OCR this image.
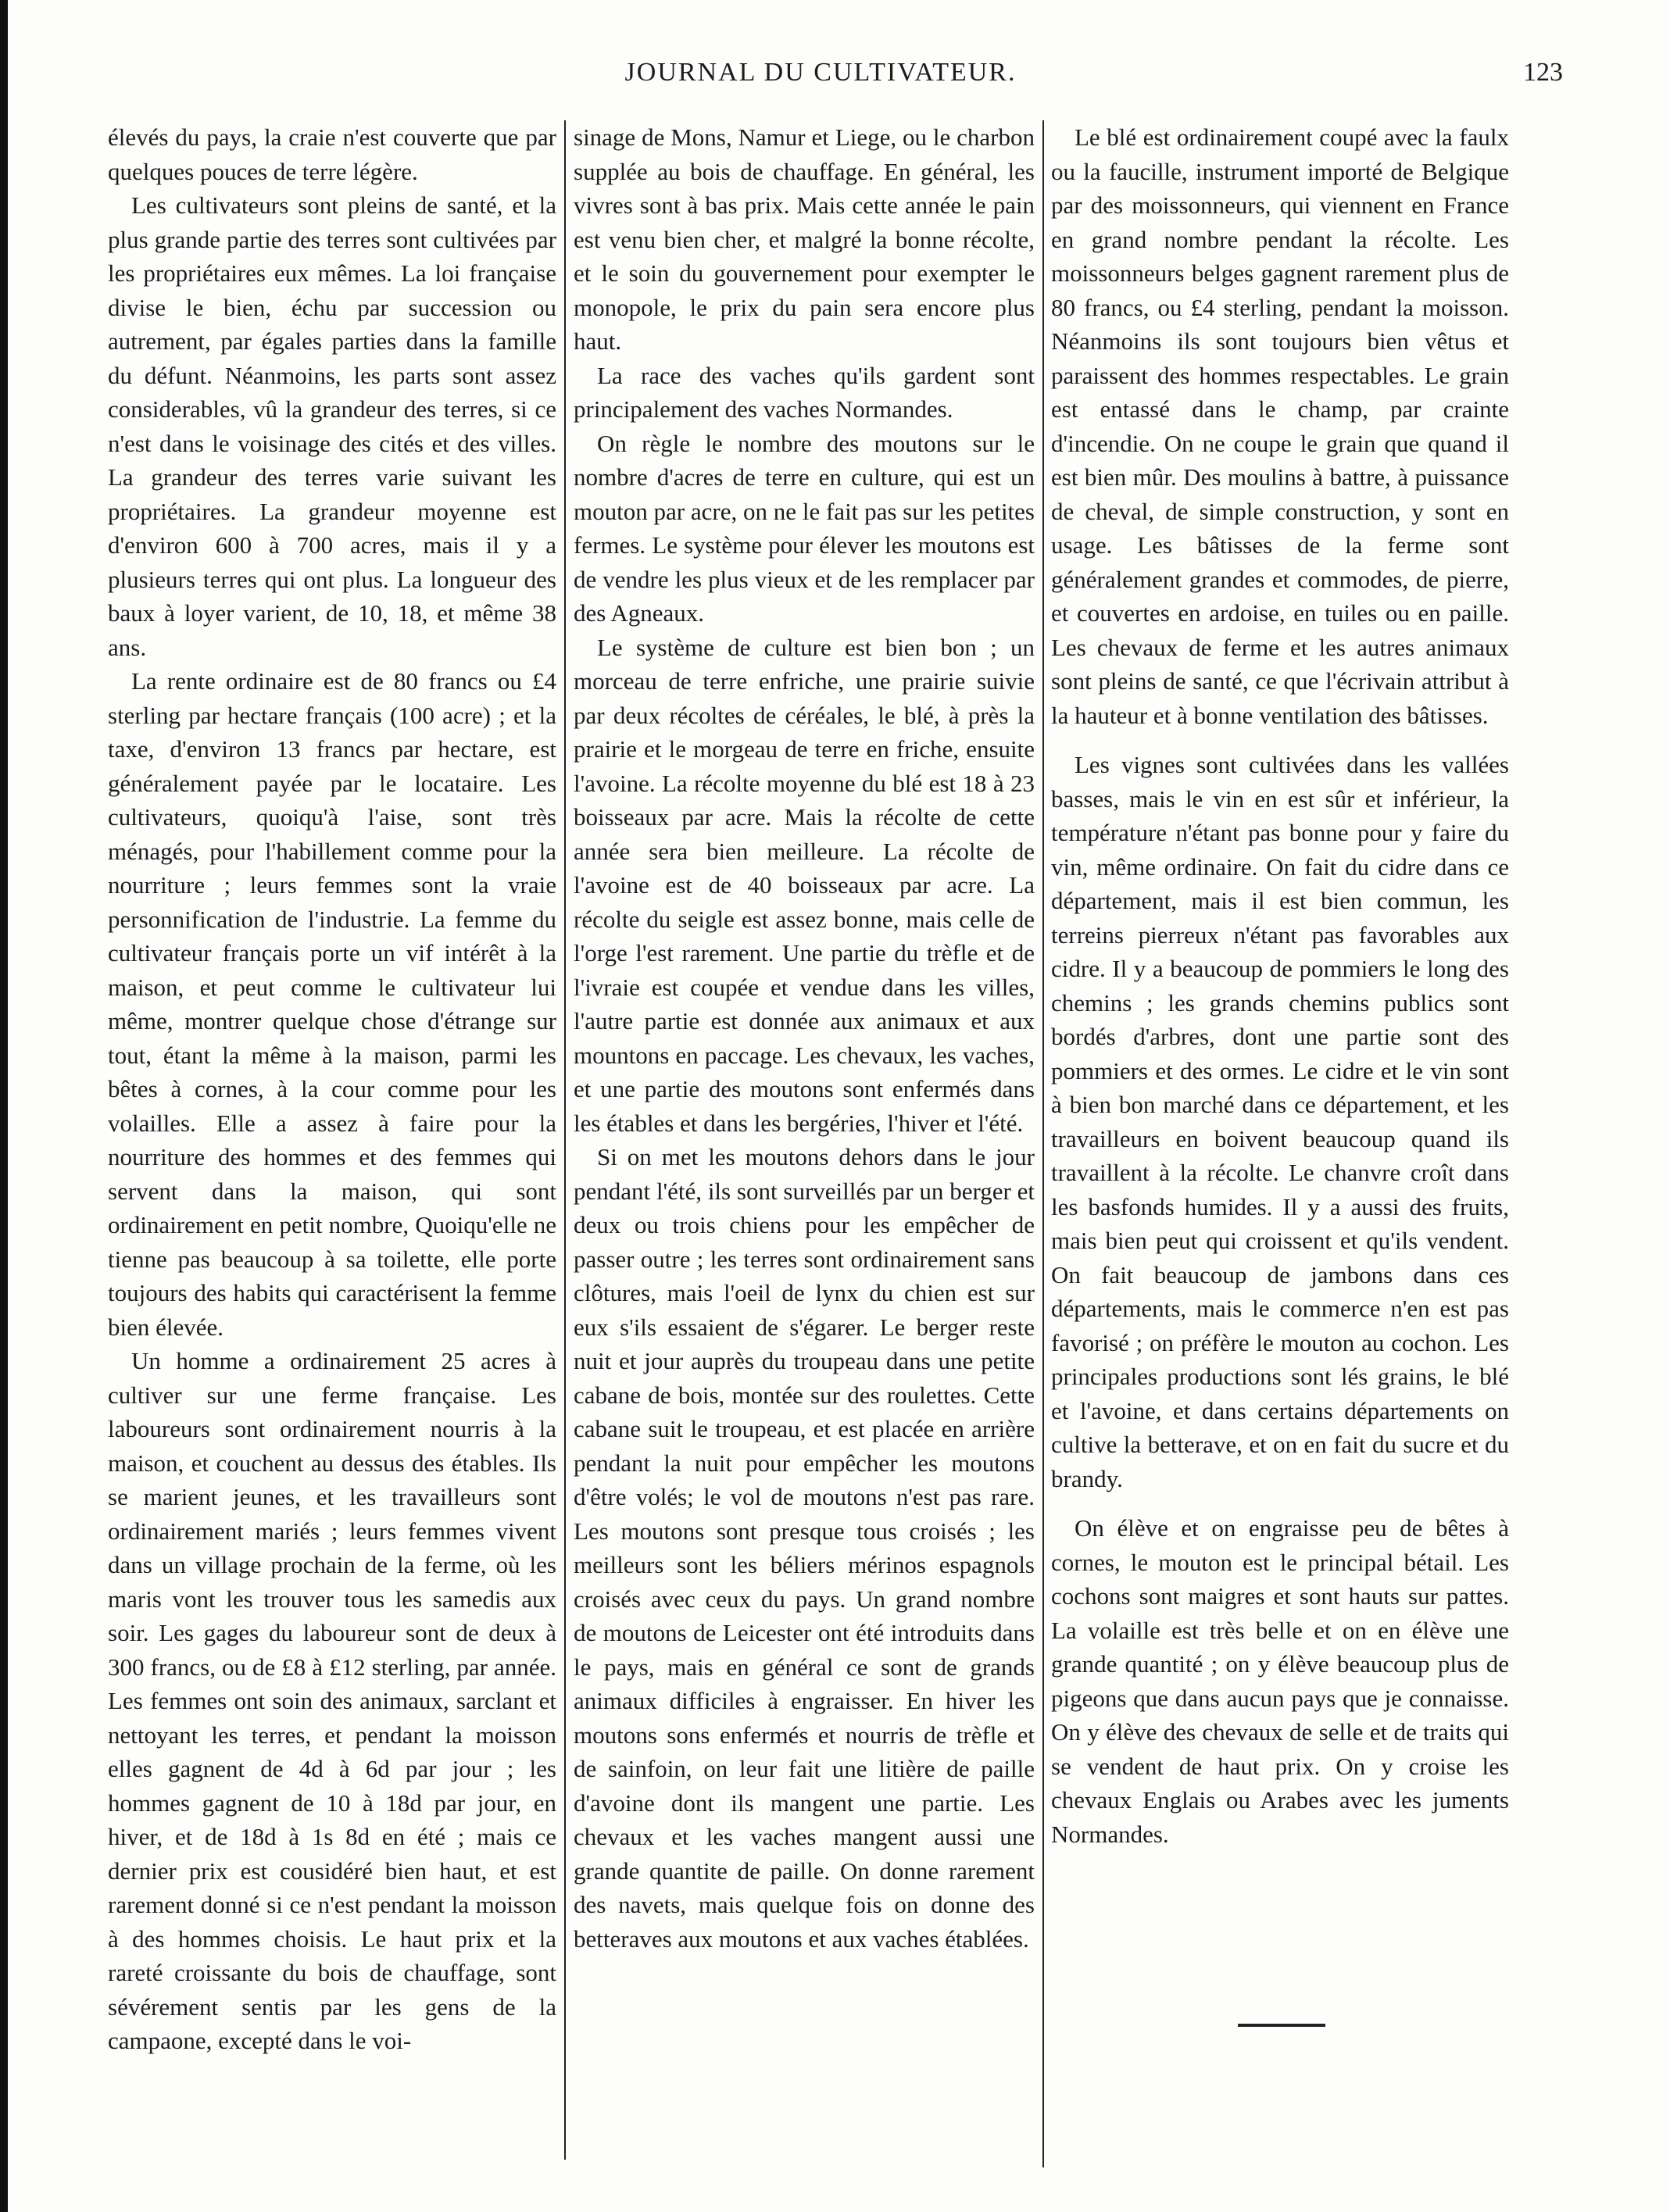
JOURNAL DU CULTIVATEUR.	123

élevés du pays, la craie n'est couverte que par quelques pouces de terre légère.

Les cultivateurs sont pleins de santé, et la plus grande partie des terres sont cultivées par les propriétaires eux mêmes. La loi française divise le bien, échu par succession ou autrement, par égales parties dans la famille du défunt. Néanmoins, les parts sont assez considerables, vû la grandeur des terres, si ce n'est dans le voisinage des cités et des villes. La grandeur des terres varie suivant les propriétaires. La grandeur moyenne est d'environ 600 à 700 acres, mais il y a plusieurs terres qui ont plus. La longueur des baux à loyer varient, de 10, 18, et même 38 ans.

La rente ordinaire est de 80 francs ou £4 sterling par hectare français (100 acre) ; et la taxe, d'environ 13 francs par hectare, est généralement payée par le locataire. Les cultivateurs, quoiqu'à l'aise, sont très ménagés, pour l'habillement comme pour la nourriture ; leurs femmes sont la vraie personnification de l'industrie. La femme du cultivateur français porte un vif intérêt à la maison, et peut comme le cultivateur lui même, montrer quelque chose d'étrange sur tout, étant la même à la maison, parmi les bêtes à cornes, à la cour comme pour les volailles. Elle a assez à faire pour la nourriture des hommes et des femmes qui servent dans la maison, qui sont ordinairement en petit nombre, Quoiqu'elle ne tienne pas beaucoup à sa toilette, elle porte toujours des habits qui caractérisent la femme bien élevée.

Un homme a ordinairement 25 acres à cultiver sur une ferme française. Les laboureurs sont ordinairement nourris à la maison, et couchent au dessus des étables. Ils se marient jeunes, et les travailleurs sont ordinairement mariés ; leurs femmes vivent dans un village prochain de la ferme, où les maris vont les trouver tous les samedis aux soir. Les gages du laboureur sont de deux à 300 francs, ou de £8 à £12 sterling, par année. Les femmes ont soin des animaux, sarclant et nettoyant les terres, et pendant la moisson elles gagnent de 4d à 6d par jour ; les hommes gagnent de 10 à 18d par jour, en hiver, et de 18d à 1s 8d en été ; mais ce dernier prix est cousidéré bien haut, et est rarement donné si ce n'est pendant la moisson à des hommes choisis. Le haut prix et la rareté croissante du bois de chauffage, sont sévérement sentis par les gens de la campaone, excepté dans le voi-

sinage de Mons, Namur et Liege, ou le charbon supplée au bois de chauffage. En général, les vivres sont à bas prix. Mais cette année le pain est venu bien cher, et malgré la bonne récolte, et le soin du gouvernement pour exempter le monopole, le prix du pain sera encore plus haut.

La race des vaches qu'ils gardent sont principalement des vaches Normandes.

On règle le nombre des moutons sur le nombre d'acres de terre en culture, qui est un mouton par acre, on ne le fait pas sur les petites fermes. Le système pour élever les moutons est de vendre les plus vieux et de les remplacer par des Agneaux.

Le système de culture est bien bon ; un morceau de terre enfriche, une prairie suivie par deux récoltes de céréales, le blé, à près la prairie et le morgeau de terre en friche, ensuite l'avoine. La récolte moyenne du blé est 18 à 23 boisseaux par acre. Mais la récolte de cette année sera bien meilleure. La récolte de l'avoine est de 40 boisseaux par acre. La récolte du seigle est assez bonne, mais celle de l'orge l'est rarement. Une partie du trèfle et de l'ivraie est coupée et vendue dans les villes, l'autre partie est donnée aux animaux et aux mountons en paccage. Les chevaux, les vaches, et une partie des moutons sont enfermés dans les étables et dans les bergéries, l'hiver et l'été.

Si on met les moutons dehors dans le jour pendant l'été, ils sont surveillés par un berger et deux ou trois chiens pour les empêcher de passer outre ; les terres sont ordinairement sans clôtures, mais l'oeil de lynx du chien est sur eux s'ils essaient de s'égarer. Le berger reste nuit et jour auprès du troupeau dans une petite cabane de bois, montée sur des roulettes. Cette cabane suit le troupeau, et est placée en arrière pendant la nuit pour empêcher les moutons d'être volés; le vol de moutons n'est pas rare. Les moutons sont presque tous croisés ; les meilleurs sont les béliers mérinos espagnols croisés avec ceux du pays. Un grand nombre de moutons de Leicester ont été introduits dans le pays, mais en général ce sont de grands animaux difficiles à engraisser. En hiver les moutons sons enfermés et nourris de trèfle et de sainfoin, on leur fait une litière de paille d'avoine dont ils mangent une partie. Les chevaux et les vaches mangent aussi une grande quantite de paille. On donne rarement des navets, mais quelque fois on donne des betteraves aux moutons et aux vaches établées.

Le blé est ordinairement coupé avec la faulx ou la faucille, instrument importé de Belgique par des moissonneurs, qui viennent en France en grand nombre pendant la récolte. Les moissonneurs belges gagnent rarement plus de 80 francs, ou £4 sterling, pendant la moisson. Néanmoins ils sont toujours bien vêtus et paraissent des hommes respectables. Le grain est entassé dans le champ, par crainte d'incendie. On ne coupe le grain que quand il est bien mûr. Des moulins à battre, à puissance de cheval, de simple construction, y sont en usage. Les bâtisses de la ferme sont généralement grandes et commodes, de pierre, et couvertes en ardoise, en tuiles ou en paille. Les chevaux de ferme et les autres animaux sont pleins de santé, ce que l'écrivain attribut à la hauteur et à bonne ventilation des bâtisses.

Les vignes sont cultivées dans les vallées basses, mais le vin en est sûr et inférieur, la température n'étant pas bonne pour y faire du vin, même ordinaire. On fait du cidre dans ce département, mais il est bien commun, les terreins pierreux n'étant pas favorables aux cidre. Il y a beaucoup de pommiers le long des chemins ; les grands chemins publics sont bordés d'arbres, dont une partie sont des pommiers et des ormes. Le cidre et le vin sont à bien bon marché dans ce département, et les travailleurs en boivent beaucoup quand ils travaillent à la récolte. Le chanvre croît dans les basfonds humides. Il y a aussi des fruits, mais bien peut qui croissent et qu'ils vendent. On fait beaucoup de jambons dans ces départements, mais le commerce n'en est pas favorisé ; on préfère le mouton au cochon. Les principales productions sont lés grains, le blé et l'avoine, et dans certains départements on cultive la betterave, et on en fait du sucre et du brandy.

On élève et on engraisse peu de bêtes à cornes, le mouton est le principal bétail. Les cochons sont maigres et sont hauts sur pattes. La volaille est très belle et on en élève une grande quantité ; on y élève beaucoup plus de pigeons que dans aucun pays que je connaisse. On y élève des chevaux de selle et de traits qui se vendent de haut prix. On y croise les chevaux Englais ou Arabes avec les juments Normandes.
